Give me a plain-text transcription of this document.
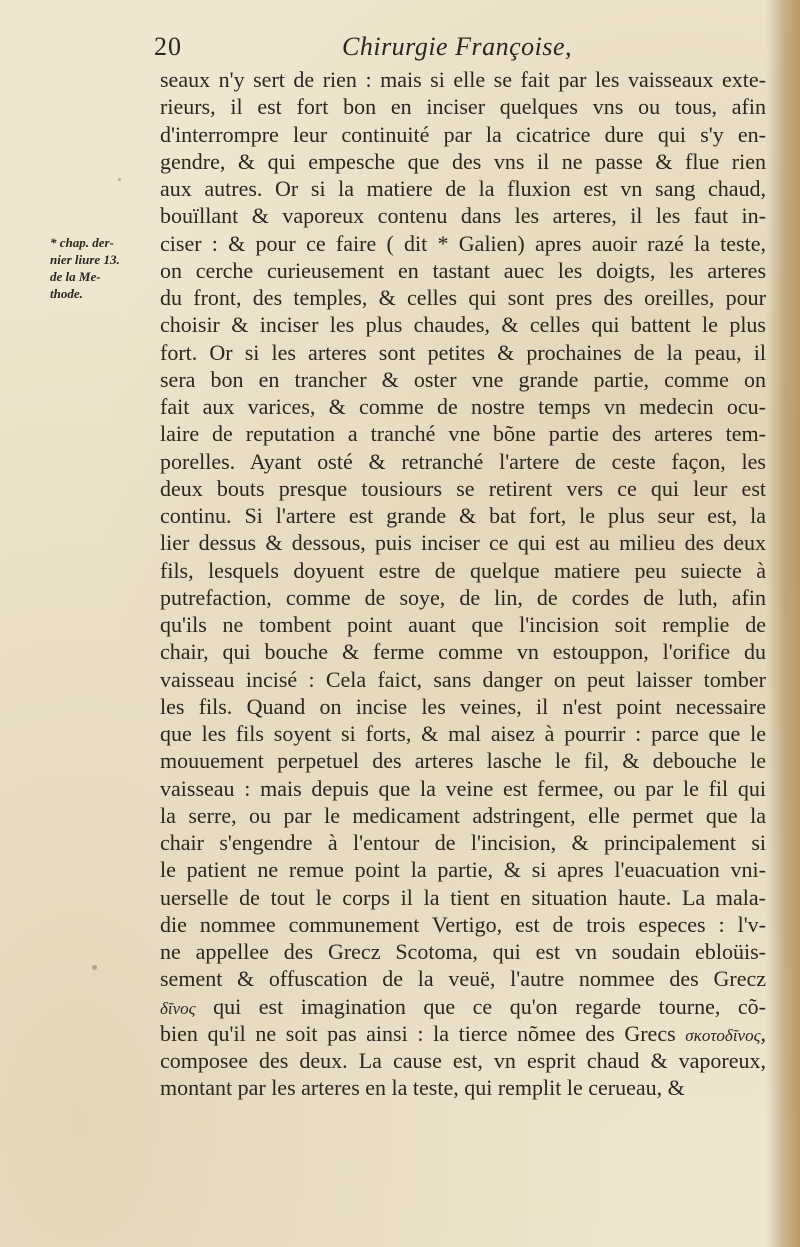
20	Chirurgie Françoise,
* chap. der-
nier liure 13.
de la Me-
thode.
seaux n'y sert de rien : mais si elle se fait par les vaisseaux exte-
rieurs, il est fort bon en inciser quelques vns ou tous, afin
d'interrompre leur continuité par la cicatrice dure qui s'y en-
gendre, & qui empesche que des vns il ne passe & flue rien
aux autres. Or si la matiere de la fluxion est vn sang chaud,
bouïllant & vaporeux contenu dans les arteres, il les faut in-
ciser : & pour ce faire ( dit * Galien) apres auoir razé la teste,
on cerche curieusement en tastant auec les doigts, les arteres
du front, des temples, & celles qui sont pres des oreilles, pour
choisir & inciser les plus chaudes, & celles qui battent le plus
fort. Or si les arteres sont petites & prochaines de la peau, il
sera bon en trancher & oster vne grande partie, comme on
fait aux varices, & comme de nostre temps vn medecin ocu-
laire de reputation a tranché vne bõne partie des arteres tem-
porelles. Ayant osté & retranché l'artere de ceste façon, les
deux bouts presque tousiours se retirent vers ce qui leur est
continu. Si l'artere est grande & bat fort, le plus seur est, la
lier dessus & dessous, puis inciser ce qui est au milieu des deux
fils, lesquels doyuent estre de quelque matiere peu suiecte à
putrefaction, comme de soye, de lin, de cordes de luth, afin
qu'ils ne tombent point auant que l'incision soit remplie de
chair, qui bouche & ferme comme vn estouppon, l'orifice du
vaisseau incisé : Cela faict, sans danger on peut laisser tomber
les fils. Quand on incise les veines, il n'est point necessaire
que les fils soyent si forts, & mal aisez à pourrir : parce que le
mouuement perpetuel des arteres lasche le fil, & debouche le
vaisseau : mais depuis que la veine est fermee, ou par le fil qui
la serre, ou par le medicament adstringent, elle permet que la
chair s'engendre à l'entour de l'incision, & principalement si
le patient ne remue point la partie, & si apres l'euacuation vni-
uerselle de tout le corps il la tient en situation haute. La mala-
die nommee communement Vertigo, est de trois especes : l'v-
ne appellee des Grecz Scotoma, qui est vn soudain ebloüis-
sement & offuscation de la veuë, l'autre nommee des Grecz
δῖνος qui est imagination que ce qu'on regarde tourne, cõ-
bien qu'il ne soit pas ainsi : la tierce nõmee des Grecs σκοτοδῖνος,
composee des deux. La cause est, vn esprit chaud & vaporeux,
montant par les arteres en la teste, qui remplit le cerueau, &
